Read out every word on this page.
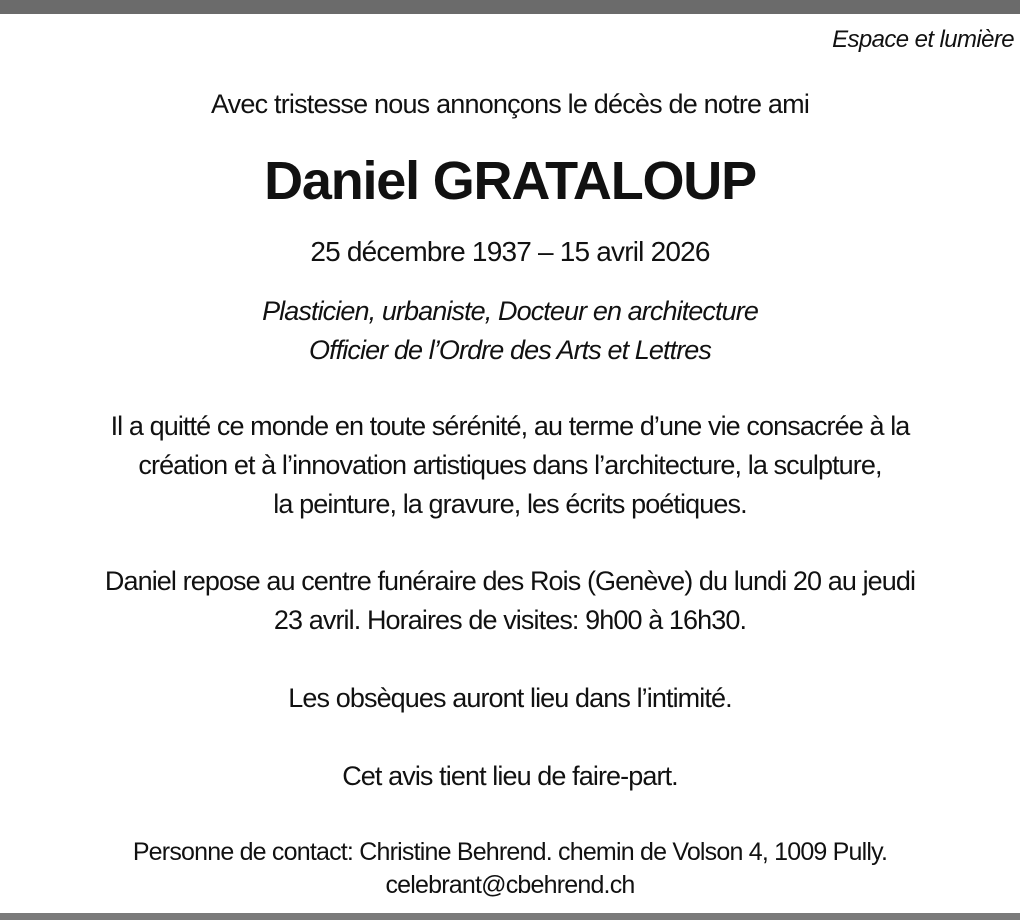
Espace et lumière
Avec tristesse nous annonçons le décès de notre ami
Daniel GRATALOUP
25 décembre 1937 – 15 avril 2026
Plasticien, urbaniste, Docteur en architecture
Officier de l’Ordre des Arts et Lettres
Il a quitté ce monde en toute sérénité, au terme d’une vie consacrée à la
création et à l’innovation artistiques dans l’architecture, la sculpture,
la peinture, la gravure, les écrits poétiques.
Daniel repose au centre funéraire des Rois (Genève) du lundi 20 au jeudi
23 avril. Horaires de visites: 9h00 à 16h30.
Les obsèques auront lieu dans l’intimité.
Cet avis tient lieu de faire-part.
Personne de contact: Christine Behrend. chemin de Volson 4, 1009 Pully.
celebrant@cbehrend.ch
